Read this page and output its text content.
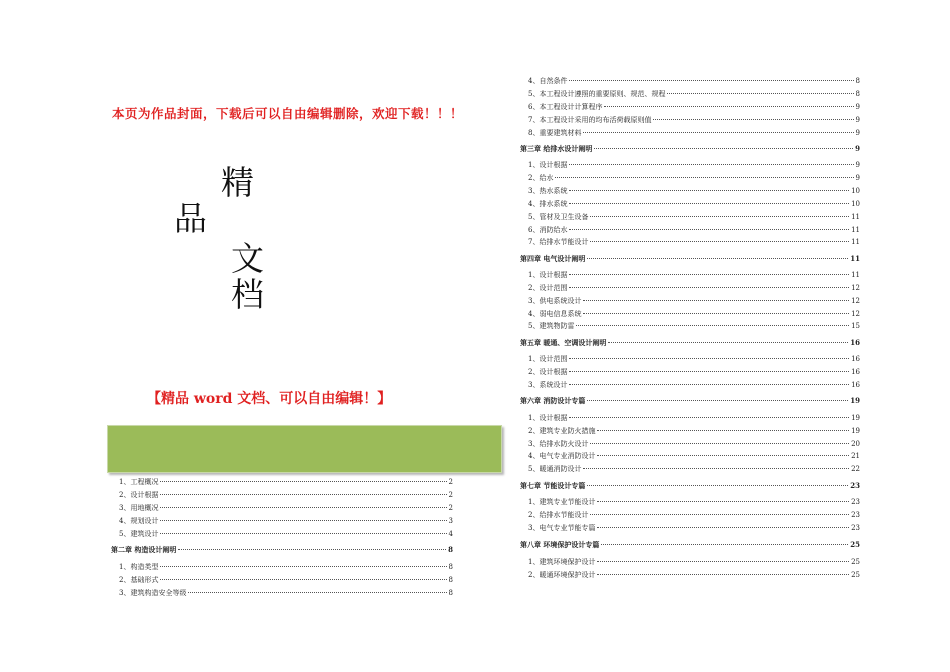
本页为作品封面，下载后可以自由编辑删除，欢迎下载！！！
精
品
文
档
【精品 word 文档、可以自由编辑！】
1、工程概况	2
2、设计根据	2
3、用地概况	2
4、规划设计	3
5、建筑设计	4
第二章 构造设计阐明	8
1、构造类型	8
2、基础形式	8
3、建筑构造安全等级	8
4、自然条件	8
5、本工程设计遵照的重要原则、规范、规程	8
6、本工程设计计算程序	9
7、本工程设计采用的均布活荷载原则值	9
8、重要建筑材料	9
第三章 给排水设计阐明	9
1、设计根据	9
2、给水	9
3、热水系统	10
4、排水系统	10
5、管材及卫生设备	11
6、消防给水	11
7、给排水节能设计	11
第四章 电气设计阐明	11
1、设计根据	11
2、设计范围	12
3、供电系统设计	12
4、弱电信息系统	12
5、建筑物防雷	15
第五章 暖通、空调设计阐明	16
1、设计范围	16
2、设计根据	16
3、系统设计	16
第六章 消防设计专篇	19
1、设计根据	19
2、建筑专业防火措施	19
3、给排水防火设计	20
4、电气专业消防设计	21
5、暖通消防设计	22
第七章 节能设计专篇	23
1、建筑专业节能设计	23
2、给排水节能设计	23
3、电气专业节能专篇	23
第八章 环境保护设计专篇	25
1、建筑环境保护设计	25
2、暖通环境保护设计	25
